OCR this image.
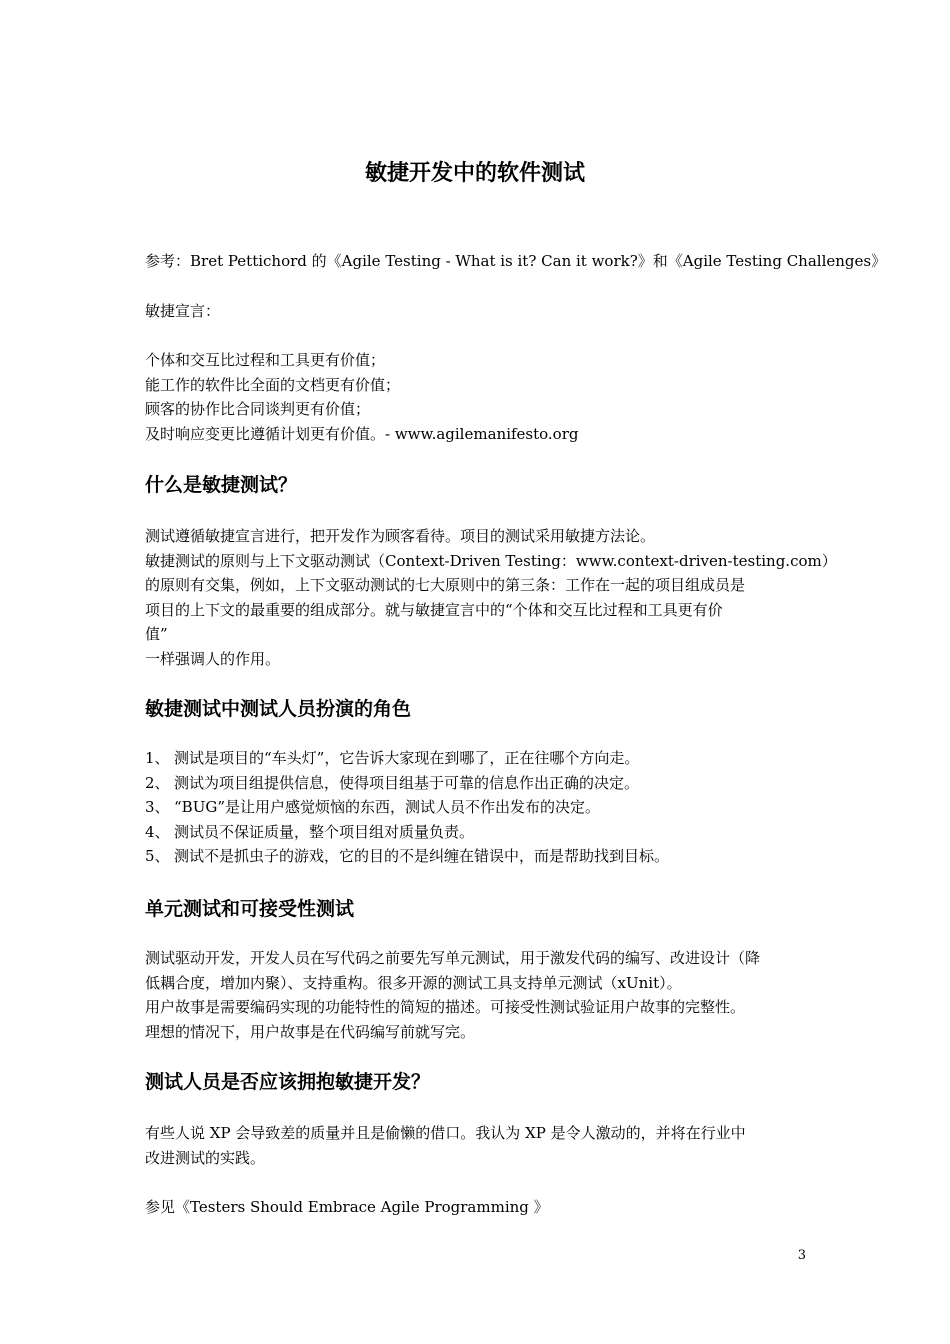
敏捷开发中的软件测试

参考：Bret Pettichord 的《Agile Testing - What is it? Can it work?》和《Agile Testing Challenges》

敏捷宣言：

个体和交互比过程和工具更有价值；
能工作的软件比全面的文档更有价值；
顾客的协作比合同谈判更有价值；
及时响应变更比遵循计划更有价值。- www.agilemanifesto.org
什么是敏捷测试？
测试遵循敏捷宣言进行，把开发作为顾客看待。项目的测试采用敏捷方法论。
敏捷测试的原则与上下文驱动测试（Context-Driven Testing：www.context-driven-testing.com）
的原则有交集，例如，上下文驱动测试的七大原则中的第三条：工作在一起的项目组成员是
项目的上下文的最重要的组成部分。就与敏捷宣言中的“个体和交互比过程和工具更有价
值”
一样强调人的作用。
敏捷测试中测试人员扮演的角色
1、 测试是项目的“车头灯”，它告诉大家现在到哪了，正在往哪个方向走。
2、 测试为项目组提供信息，使得项目组基于可靠的信息作出正确的决定。
3、 “BUG”是让用户感觉烦恼的东西，测试人员不作出发布的决定。
4、 测试员不保证质量，整个项目组对质量负责。
5、 测试不是抓虫子的游戏，它的目的不是纠缠在错误中，而是帮助找到目标。
单元测试和可接受性测试
测试驱动开发，开发人员在写代码之前要先写单元测试，用于激发代码的编写、改进设计（降
低耦合度，增加内聚）、支持重构。很多开源的测试工具支持单元测试（xUnit）。
用户故事是需要编码实现的功能特性的简短的描述。可接受性测试验证用户故事的完整性。
理想的情况下，用户故事是在代码编写前就写完。
测试人员是否应该拥抱敏捷开发？
有些人说 XP 会导致差的质量并且是偷懒的借口。我认为 XP 是令人激动的，并将在行业中
改进测试的实践。

参见《Testers Should Embrace Agile Programming 》

3
